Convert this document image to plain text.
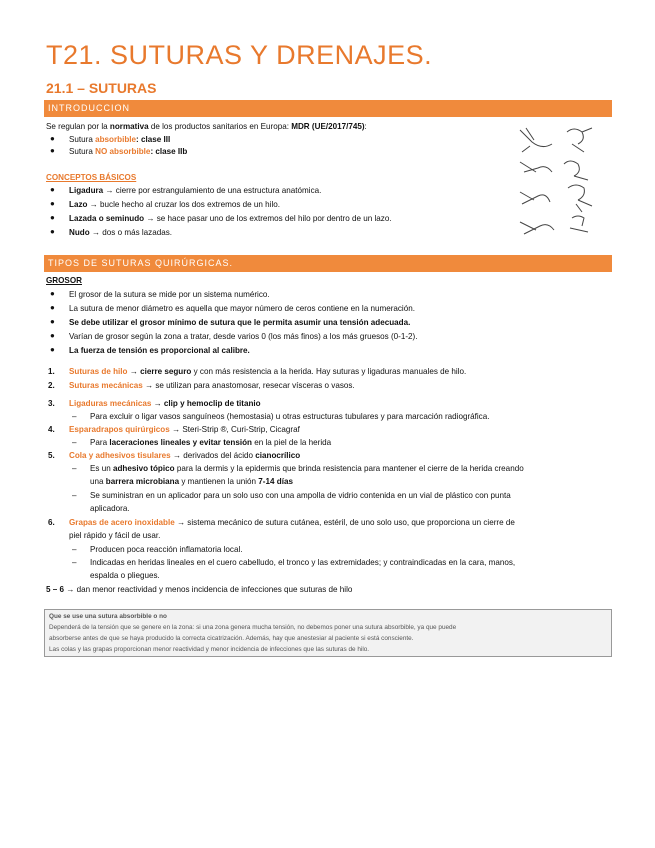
T21. SUTURAS Y DRENAJES.
21.1 – SUTURAS
INTRODUCCION
Se regulan por la normativa de los productos sanitarios en Europa: MDR (UE/2017/745):
● Sutura absorbible: clase III
● Sutura NO absorbible: clase IIb
CONCEPTOS BÁSICOS
● Ligadura → cierre por estrangulamiento de una estructura anatómica.
● Lazo → bucle hecho al cruzar los dos extremos de un hilo.
● Lazada o seminudo → se hace pasar uno de los extremos del hilo por dentro de un lazo.
● Nudo → dos o más lazadas.
TIPOS DE SUTURAS QUIRÚRGICAS.
GROSOR
● El grosor de la sutura se mide por un sistema numérico.
● La sutura de menor diámetro es aquella que mayor número de ceros contiene en la numeración.
● Se debe utilizar el grosor mínimo de sutura que le permita asumir una tensión adecuada.
● Varían de grosor según la zona a tratar, desde varios 0 (los más finos) a los más gruesos (0-1-2).
● La fuerza de tensión es proporcional al calibre.
1. Suturas de hilo → cierre seguro y con más resistencia a la herida. Hay suturas y ligaduras manuales de hilo.
2. Suturas mecánicas → se utilizan para anastomosar, resecar vísceras o vasos.
3. Ligaduras mecánicas → clip y hemoclip de titanio
– Para excluir o ligar vasos sanguíneos (hemostasia) u otras estructuras tubulares y para marcación radiográfica.
4. Esparadrapos quirúrgicos → Steri-Strip ®, Curi-Strip, Cicagraf
– Para laceraciones lineales y evitar tensión en la piel de la herida
5. Cola y adhesivos tisulares → derivados del ácido cianocrílico
– Es un adhesivo tópico para la dermis y la epidermis que brinda resistencia para mantener el cierre de la herida creando
una barrera microbiana y mantienen la unión 7-14 días
– Se suministran en un aplicador para un solo uso con una ampolla de vidrio contenida en un vial de plástico con punta
aplicadora.
6. Grapas de acero inoxidable → sistema mecánico de sutura cutánea, estéril, de uno solo uso, que proporciona un cierre de
piel rápido y fácil de usar.
– Producen poca reacción inflamatoria local.
– Indicadas en heridas lineales en el cuero cabelludo, el tronco y las extremidades; y contraindicadas en la cara, manos,
espalda o pliegues.
5 – 6 → dan menor reactividad y menos incidencia de infecciones que suturas de hilo
Que se use una sutura absorbible o no
Dependerá de la tensión que se genere en la zona: si una zona genera mucha tensión, no debemos poner una sutura absorbible, ya que puede
absorberse antes de que se haya producido la correcta cicatrización. Además, hay que anestesiar al paciente si está consciente.
Las colas y las grapas proporcionan menor reactividad y menor incidencia de infecciones que las suturas de hilo.
